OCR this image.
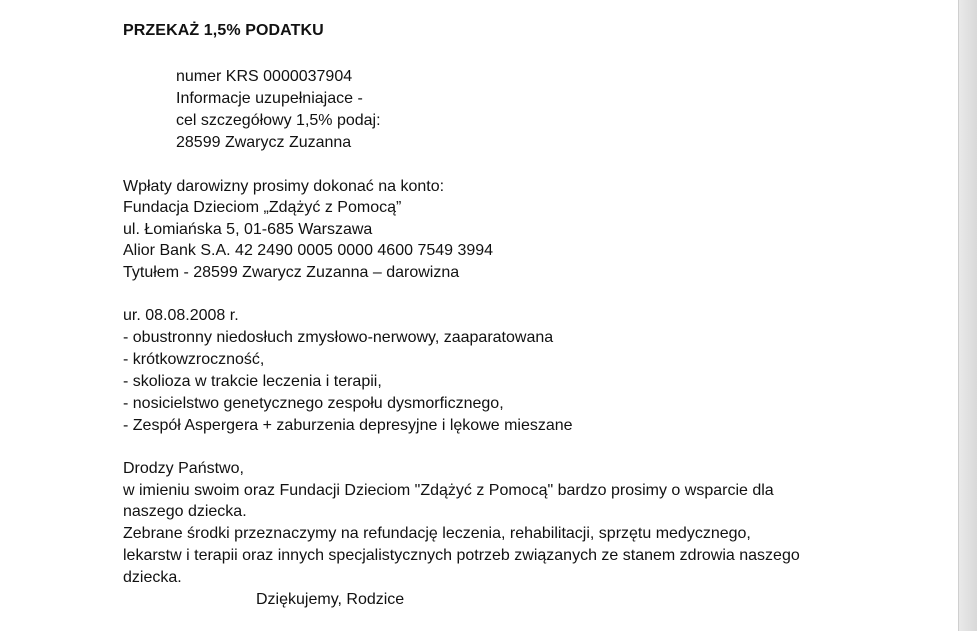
PRZEKAŻ 1,5% PODATKU
numer KRS 0000037904
Informacje uzupełniajace -
cel szczegółowy 1,5% podaj:
28599 Zwarycz Zuzanna
Wpłaty darowizny prosimy dokonać na konto:
Fundacja Dzieciom „Zdążyć z Pomocą”
ul. Łomiańska 5, 01-685 Warszawa
Alior Bank S.A. 42 2490 0005 0000 4600 7549 3994
Tytułem - 28599 Zwarycz Zuzanna – darowizna
ur. 08.08.2008 r.
- obustronny niedosłuch zmysłowo-nerwowy, zaaparatowana
- krótkowzroczność,
- skolioza w trakcie leczenia i terapii,
- nosicielstwo genetycznego zespołu dysmorficznego,
- Zespół Aspergera + zaburzenia depresyjne i lękowe mieszane
Drodzy Państwo,
w imieniu swoim oraz Fundacji Dzieciom "Zdążyć z Pomocą" bardzo prosimy o wsparcie dla
naszego dziecka.
Zebrane środki przeznaczymy na refundację leczenia, rehabilitacji, sprzętu medycznego,
lekarstw i terapii oraz innych specjalistycznych potrzeb związanych ze stanem zdrowia naszego
dziecka.
Dziękujemy, Rodzice
